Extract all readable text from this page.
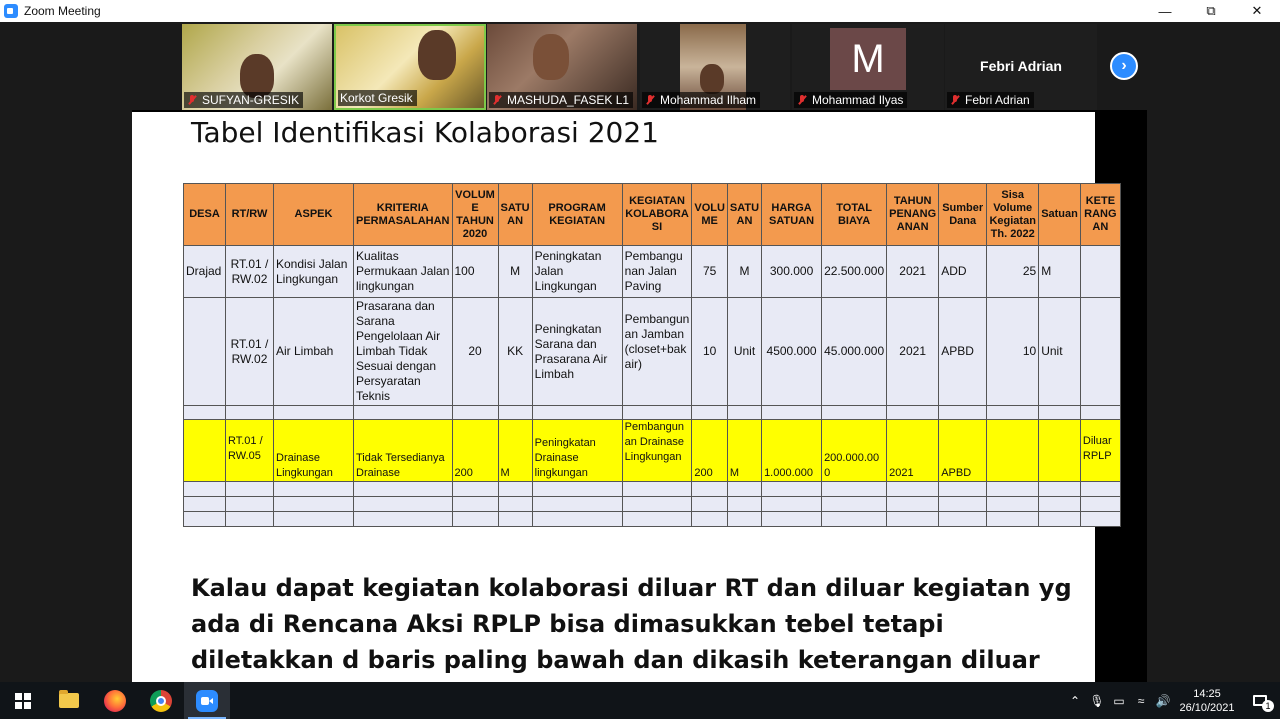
Zoom Meeting	—	⧉	✕
SUFYAN-GRESIK	Korkot Gresik	MASHUDA_FASEK L1	Mohammad Ilham
M
Mohammad Ilyas
Febri Adrian
Febri Adrian
›
Tabel Identifikasi Kolaborasi 2021
Kalau dapat kegiatan kolaborasi diluar RT dan diluar kegiatan yg ada di Rencana Aksi RPLP bisa dimasukkan tebel tetapi diletakkan d baris paling bawah dan dikasih keterangan diluar
DESA	RT/RW	ASPEK	KRITERIA PERMASALAHAN	VOLUM E TAHUN 2020	SATU AN	PROGRAM KEGIATAN	KEGIATAN KOLABORA SI	VOLU ME	SATU AN	HARGA SATUAN	TOTAL BIAYA	TAHUN PENANG ANAN	Sumber Dana	Sisa Volume Kegiatan Th. 2022	Satuan	KETE RANG AN
Drajad	RT.01 / RW.02	Kondisi Jalan Lingkungan	Kualitas Permukaan Jalan lingkungan	100	M	Peningkatan Jalan Lingkungan	Pembangu nan Jalan Paving	75	M	300.000	22.500.000	2021	ADD	25	M	
	RT.01 / RW.02	Air Limbah	Prasarana dan Sarana Pengelolaan Air Limbah Tidak Sesuai dengan Persyaratan Teknis	20	KK	Peningkatan Sarana dan Prasarana Air Limbah	Pembangun an Jamban (closet+bak air)	10	Unit	4500.000	45.000.000	2021	APBD	10	Unit	

	RT.01 / RW.05	Drainase Lingkungan	Tidak Tersedianya Drainase	200	M	Peningkatan Drainase lingkungan	Pembangun an Drainase Lingkungan	200	M	1.000.000	200.000.00 0	2021	APBD			Diluar RPLP

⌃ 🎙 ▭	≈ 🔊	14:25
26/10/2021	1
